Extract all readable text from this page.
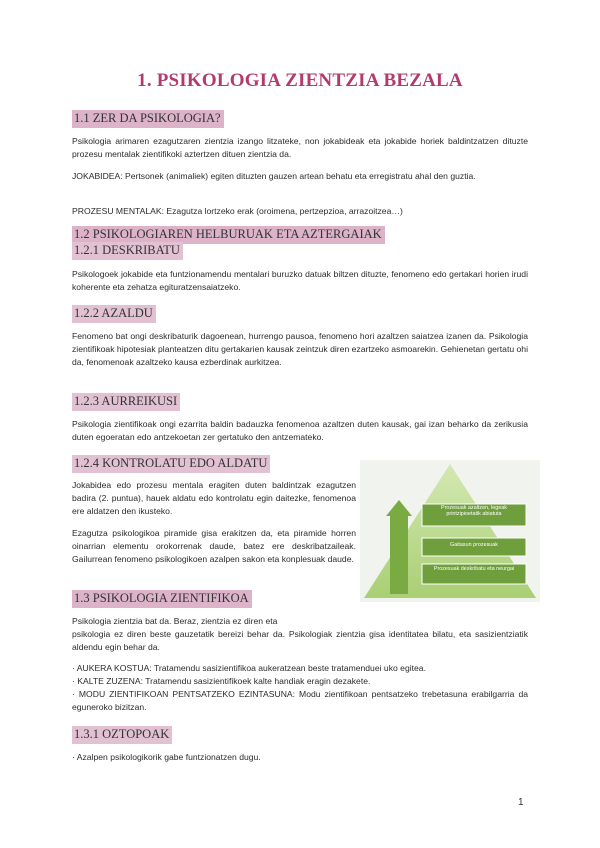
1. PSIKOLOGIA ZIENTZIA BEZALA
1.1 ZER DA PSIKOLOGIA?

Psikologia arimaren ezagutzaren zientzia izango litzateke, non jokabideak eta jokabide horiek baldintzatzen dituzte prozesu mentalak zientifikoki aztertzen dituen zientzia da.

JOKABIDEA: Pertsonek (animaliek) egiten dituzten gauzen artean behatu eta erregistratu ahal den guztia.

PROZESU MENTALAK: Ezagutza lortzeko erak (oroimena, pertzepzioa, arrazoitzea…)

1.2 PSIKOLOGIAREN HELBURUAK ETA AZTERGAIAK
1.2.1 DESKRIBATU

Psikologoek jokabide eta funtzionamendu mentalari buruzko datuak biltzen dituzte, fenomeno edo gertakari horien irudi koherente eta zehatza egituratzensaiatzeko.

1.2.2 AZALDU

Fenomeno bat ongi deskribaturik dagoenean, hurrengo pausoa, fenomeno hori azaltzen saiatzea izanen da. Psikologia zientifikoak hipotesiak planteatzen ditu gertakarien kausak zeintzuk diren ezartzeko asmoarekin. Gehienetan gertatu ohi da, fenomenoak azaltzeko kausa ezberdinak aurkitzea.

1.2.3 AURREIKUSI

Psikologia zientifikoak ongi ezarrita baldin badauzka fenomenoa azaltzen duten kausak, gai izan beharko da zerikusia duten egoeratan edo antzekoetan zer gertatuko den antzemateko.

1.2.4 KONTROLATU EDO ALDATU

Jokabidea edo prozesu mentala eragiten duten baldintzak ezagutzen badira (2. puntua), hauek aldatu edo kontrolatu egin daitezke, fenomenoa ere aldatzen den ikusteko.

Ezagutza psikologikoa piramide gisa erakitzen da, eta piramide horren oinarrian elementu orokorrenak daude, batez ere deskribatzaileak. Gailurrean fenomeno psikologikoen azalpen sakon eta konplesuak daude.

Prozesuak azaltzen, legeak printzipioetatik abiatuta
Gaitasun prozesuak
Prozesuak deskribatu eta neurgai
1.3 PSIKOLOGIA ZIENTIFIKOA

Psikologia zientzia bat da. Beraz, zientzia ez diren eta

psikologia ez diren beste gauzetatik bereizi behar da. Psikologiak zientzia gisa identitatea bilatu, eta sasizientziatik aldendu egin behar da.

· AUKERA KOSTUA: Tratamendu sasizientifikoa aukeratzean beste tratamenduei uko egitea.

· KALTE ZUZENA: Tratamendu sasizientifikoek kalte handiak eragin dezakete.

· MODU ZIENTIFIKOAN PENTSATZEKO EZINTASUNA: Modu zientifikoan pentsatzeko trebetasuna erabilgarria da eguneroko bizitzan.

1.3.1 OZTOPOAK

· Azalpen psikologikorik gabe funtzionatzen dugu.

1
